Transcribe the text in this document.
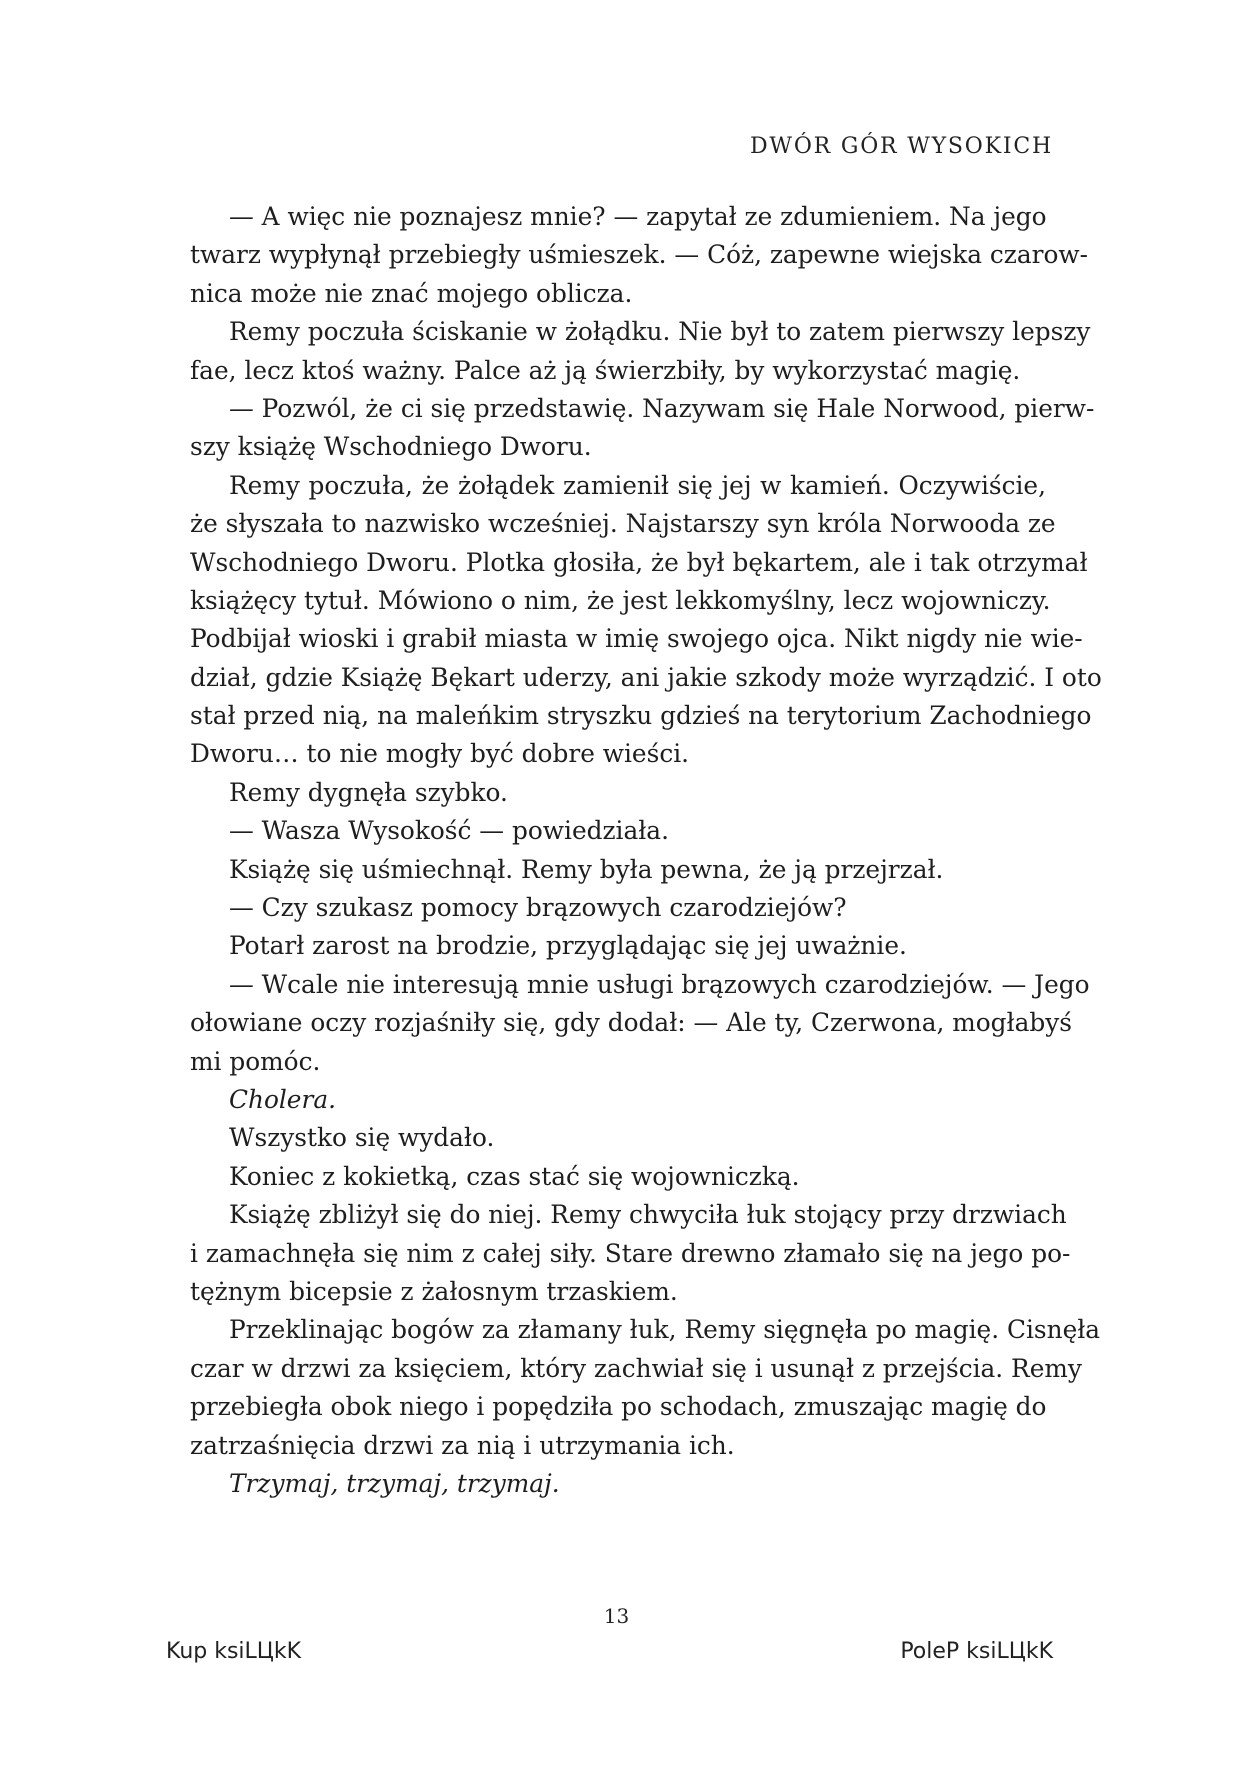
DWÓR GÓR WYSOKICH
— A więc nie poznajesz mnie? — zapytał ze zdumieniem. Na jego
twarz wypłynął przebiegły uśmieszek. — Cóż, zapewne wiejska czarow-
nica może nie znać mojego oblicza.
Remy poczuła ściskanie w żołądku. Nie był to zatem pierwszy lepszy
fae, lecz ktoś ważny. Palce aż ją świerzbiły, by wykorzystać magię.
— Pozwól, że ci się przedstawię. Nazywam się Hale Norwood, pierw-
szy książę Wschodniego Dworu.
Remy poczuła, że żołądek zamienił się jej w kamień. Oczywiście,
że słyszała to nazwisko wcześniej. Najstarszy syn króla Norwooda ze
Wschodniego Dworu. Plotka głosiła, że był bękartem, ale i tak otrzymał
książęcy tytuł. Mówiono o nim, że jest lekkomyślny, lecz wojowniczy.
Podbijał wioski i grabił miasta w imię swojego ojca. Nikt nigdy nie wie-
dział, gdzie Książę Bękart uderzy, ani jakie szkody może wyrządzić. I oto
stał przed nią, na maleńkim stryszku gdzieś na terytorium Zachodniego
Dworu… to nie mogły być dobre wieści.
Remy dygnęła szybko.
— Wasza Wysokość — powiedziała.
Książę się uśmiechnął. Remy była pewna, że ją przejrzał.
— Czy szukasz pomocy brązowych czarodziejów?
Potarł zarost na brodzie, przyglądając się jej uważnie.
— Wcale nie interesują mnie usługi brązowych czarodziejów. — Jego
ołowiane oczy rozjaśniły się, gdy dodał: — Ale ty, Czerwona, mogłabyś
mi pomóc.
Cholera.
Wszystko się wydało.
Koniec z kokietką, czas stać się wojowniczką.
Książę zbliżył się do niej. Remy chwyciła łuk stojący przy drzwiach
i zamachnęła się nim z całej siły. Stare drewno złamało się na jego po-
tężnym bicepsie z żałosnym trzaskiem.
Przeklinając bogów za złamany łuk, Remy sięgnęła po magię. Cisnęła
czar w drzwi za księciem, który zachwiał się i usunął z przejścia. Remy
przebiegła obok niego i popędziła po schodach, zmuszając magię do
zatrzaśnięcia drzwi za nią i utrzymania ich.
Trzymaj, trzymaj, trzymaj.
13
Kup ksiLЦkK	PoleP ksiLЦkK
